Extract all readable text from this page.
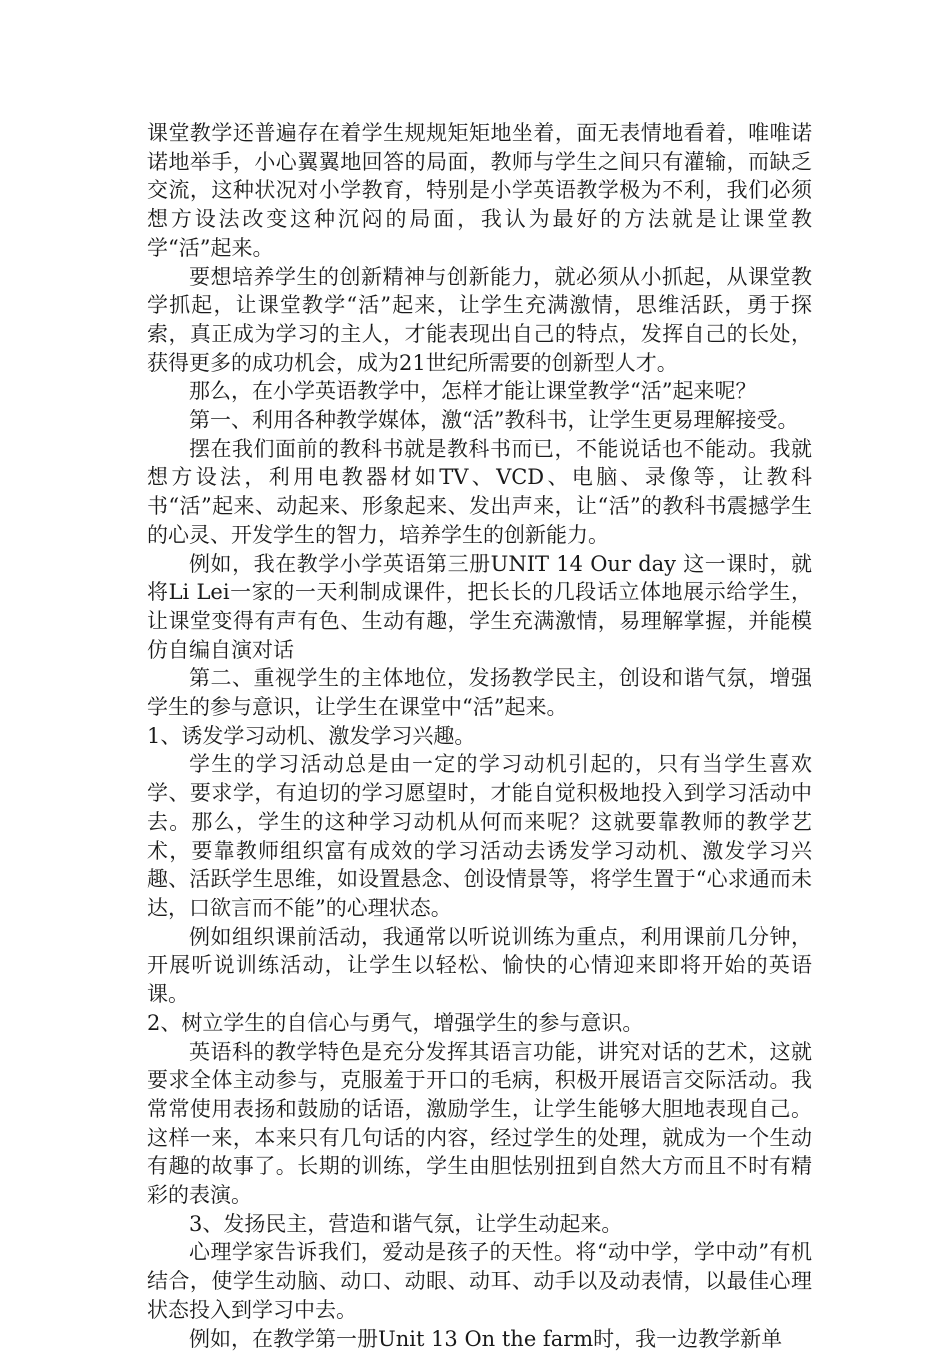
课堂教学还普遍存在着学生规规矩矩地坐着，面无表情地看着，唯唯诺诺地举手，小心翼翼地回答的局面，教师与学生之间只有灌输，而缺乏交流，这种状况对小学教育，特别是小学英语教学极为不利，我们必须想方设法改变这种沉闷的局面，我认为最好的方法就是让课堂教学“活”起来。

要想培养学生的创新精神与创新能力，就必须从小抓起，从课堂教学抓起，让课堂教学“活”起来，让学生充满激情，思维活跃，勇于探索，真正成为学习的主人，才能表现出自己的特点，发挥自己的长处，获得更多的成功机会，成为21世纪所需要的创新型人才。

那么，在小学英语教学中，怎样才能让课堂教学“活”起来呢？

第一、利用各种教学媒体，激“活”教科书，让学生更易理解接受。

摆在我们面前的教科书就是教科书而已，不能说话也不能动。我就想方设法，利用电教器材如TV、VCD、电脑、录像等，让教科书“活”起来、动起来、形象起来、发出声来，让“活”的教科书震撼学生的心灵、开发学生的智力，培养学生的创新能力。

例如，我在教学小学英语第三册UNIT 14 Our day 这一课时，就将Li Lei一家的一天利制成课件，把长长的几段话立体地展示给学生，让课堂变得有声有色、生动有趣，学生充满激情，易理解掌握，并能模仿自编自演对话

第二、重视学生的主体地位，发扬教学民主，创设和谐气氛，增强学生的参与意识，让学生在课堂中“活”起来。

1、诱发学习动机、激发学习兴趣。

学生的学习活动总是由一定的学习动机引起的，只有当学生喜欢学、要求学，有迫切的学习愿望时，才能自觉积极地投入到学习活动中去。那么，学生的这种学习动机从何而来呢？这就要靠教师的教学艺术，要靠教师组织富有成效的学习活动去诱发学习动机、激发学习兴趣、活跃学生思维，如设置悬念、创设情景等，将学生置于“心求通而未达，口欲言而不能”的心理状态。

例如组织课前活动，我通常以听说训练为重点，利用课前几分钟，开展听说训练活动，让学生以轻松、愉快的心情迎来即将开始的英语课。

2、树立学生的自信心与勇气，增强学生的参与意识。

英语科的教学特色是充分发挥其语言功能，讲究对话的艺术，这就要求全体主动参与，克服羞于开口的毛病，积极开展语言交际活动。我常常使用表扬和鼓励的话语，激励学生，让学生能够大胆地表现自己。这样一来，本来只有几句话的内容，经过学生的处理，就成为一个生动有趣的故事了。长期的训练，学生由胆怯别扭到自然大方而且不时有精彩的表演。

3、发扬民主，营造和谐气氛，让学生动起来。

心理学家告诉我们，爱动是孩子的天性。将“动中学，学中动”有机结合，使学生动脑、动口、动眼、动耳、动手以及动表情，以最佳心理状态投入到学习中去。

例如，在教学第一册Unit 13 On the farm时，我一边教学新单
